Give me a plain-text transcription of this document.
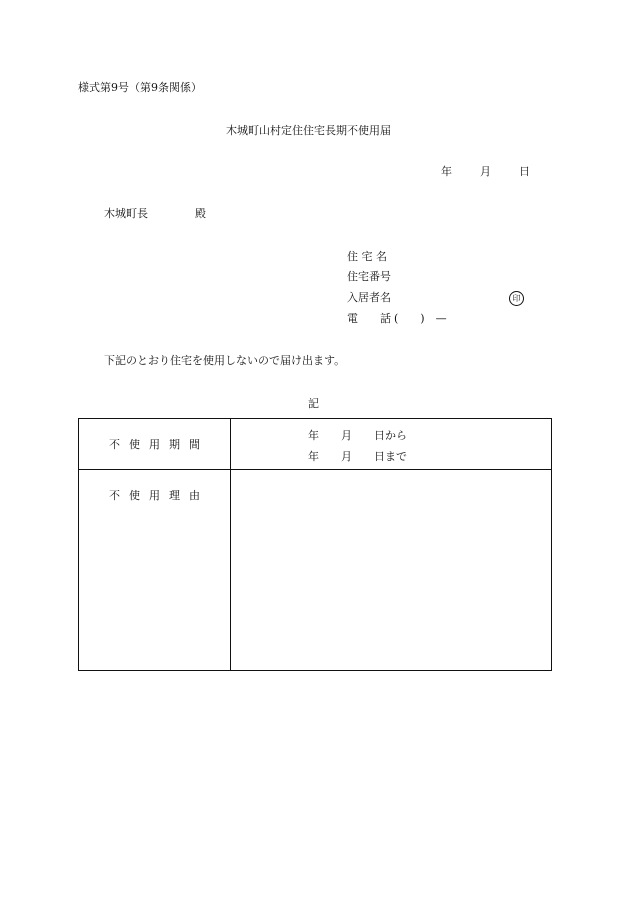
様式第9号（第9条関係）
木城町山村定住住宅長期不使用届
年　　月　　日
木城町長	殿
住 宅 名
住宅番号
入居者名	印
電　　話 (　　)　—
下記のとおり住宅を使用しないので届け出ます。
記
不使用期間	年　　月　　日から
年　　月　　日まで

不使用理由	
